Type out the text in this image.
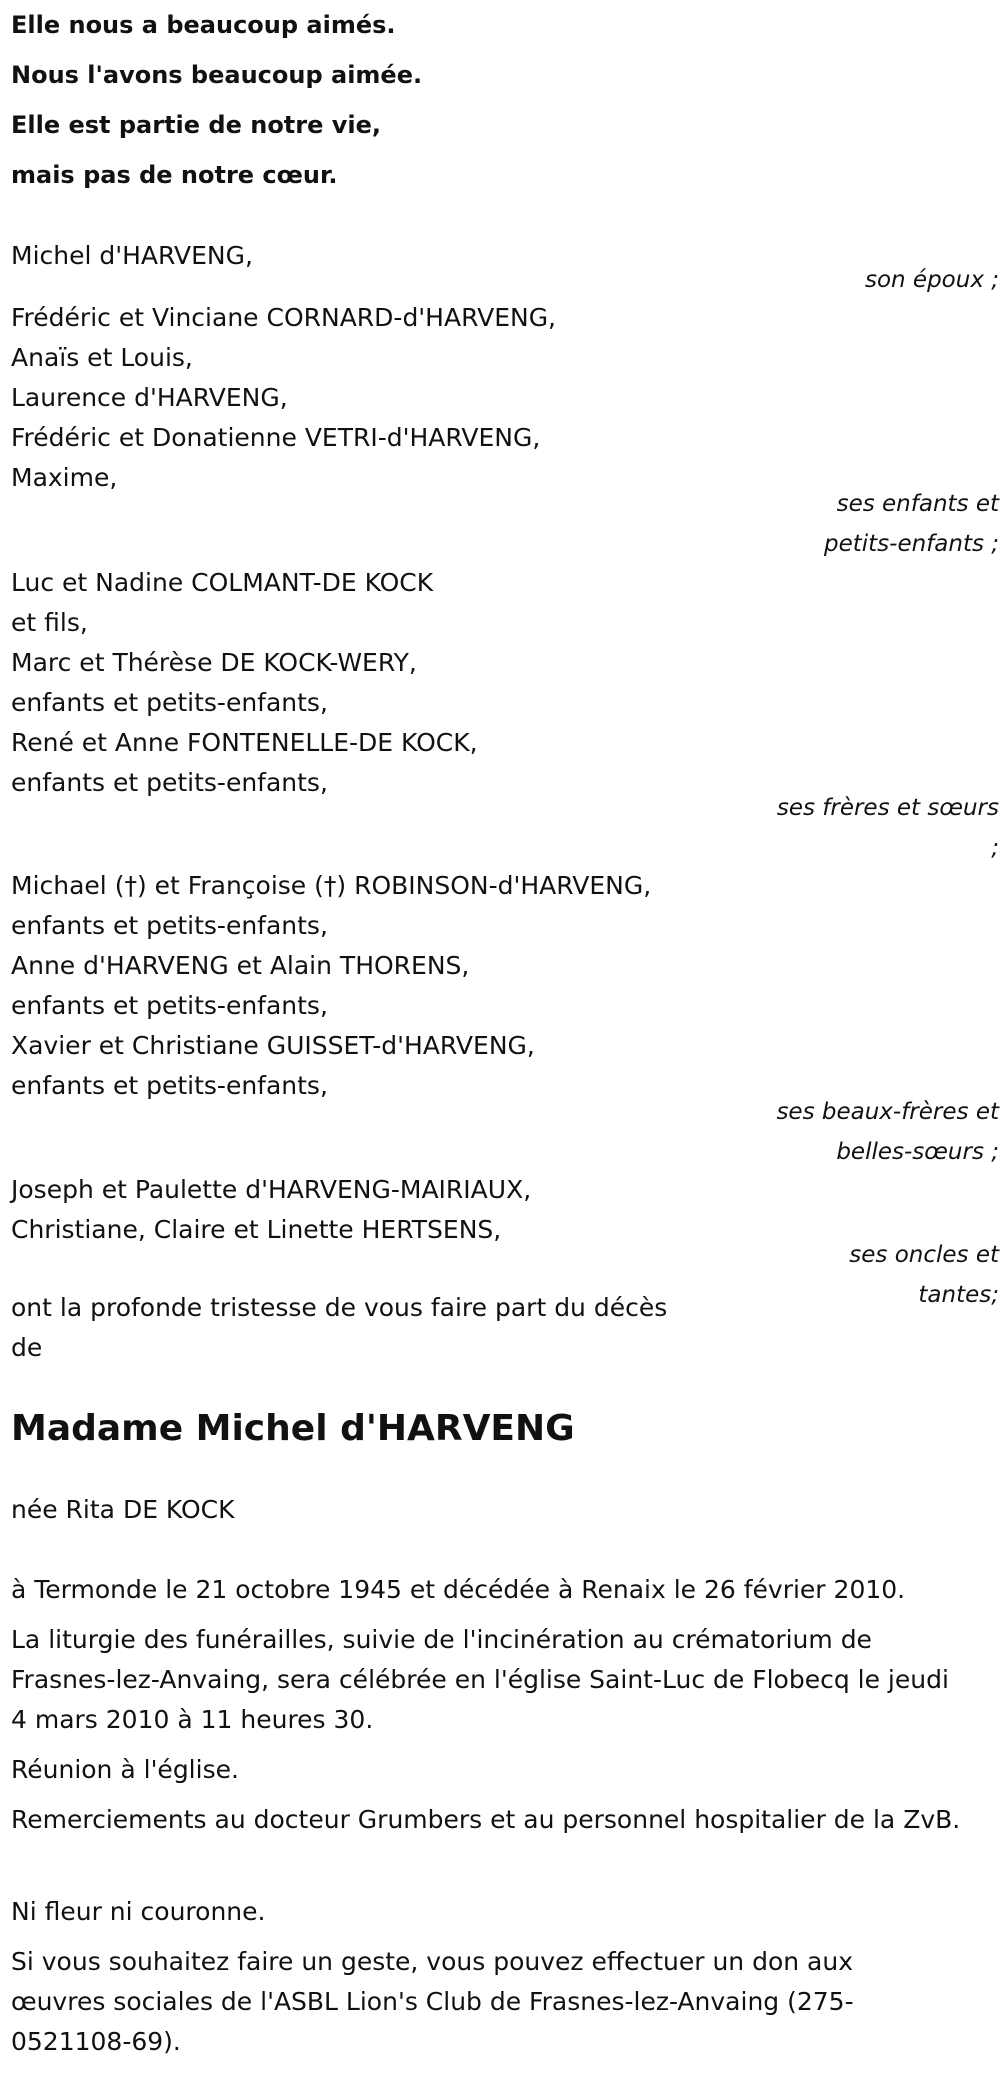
Elle nous a beaucoup aimés.

Nous l'avons beaucoup aimée.

Elle est partie de notre vie,

mais pas de notre cœur.

Michel d'HARVENG,
son époux ;
Frédéric et Vinciane CORNARD-d'HARVENG,
Anaïs et Louis,
Laurence d'HARVENG,
Frédéric et Donatienne VETRI-d'HARVENG,
Maxime,
ses enfants et
petits-enfants ;
Luc et Nadine COLMANT-DE KOCK
et fils,
Marc et Thérèse DE KOCK-WERY,
enfants et petits-enfants,
René et Anne FONTENELLE-DE KOCK,
enfants et petits-enfants,
ses frères et sœurs
;
Michael (†) et Françoise (†) ROBINSON-d'HARVENG,
enfants et petits-enfants,
Anne d'HARVENG et Alain THORENS,
enfants et petits-enfants,
Xavier et Christiane GUISSET-d'HARVENG,
enfants et petits-enfants,
ses beaux-frères et
belles-sœurs ;
Joseph et Paulette d'HARVENG-MAIRIAUX,
Christiane, Claire et Linette HERTSENS,
ses oncles et
tantes;
ont la profonde tristesse de vous faire part du décès
de
Madame Michel d'HARVENG
née Rita DE KOCK
à Termonde le 21 octobre 1945 et décédée à Renaix le 26 février 2010.
La liturgie des funérailles, suivie de l'incinération au crématorium de Frasnes-lez-Anvaing, sera célébrée en l'église Saint-Luc de Flobecq le jeudi 4 mars 2010 à 11 heures 30.
Réunion à l'église.
Remerciements au docteur Grumbers et au personnel hospitalier de la ZvB.
Ni fleur ni couronne.
Si vous souhaitez faire un geste, vous pouvez effectuer un don aux œuvres sociales de l'ASBL Lion's Club de Frasnes-lez-Anvaing (275-0521108-69).
